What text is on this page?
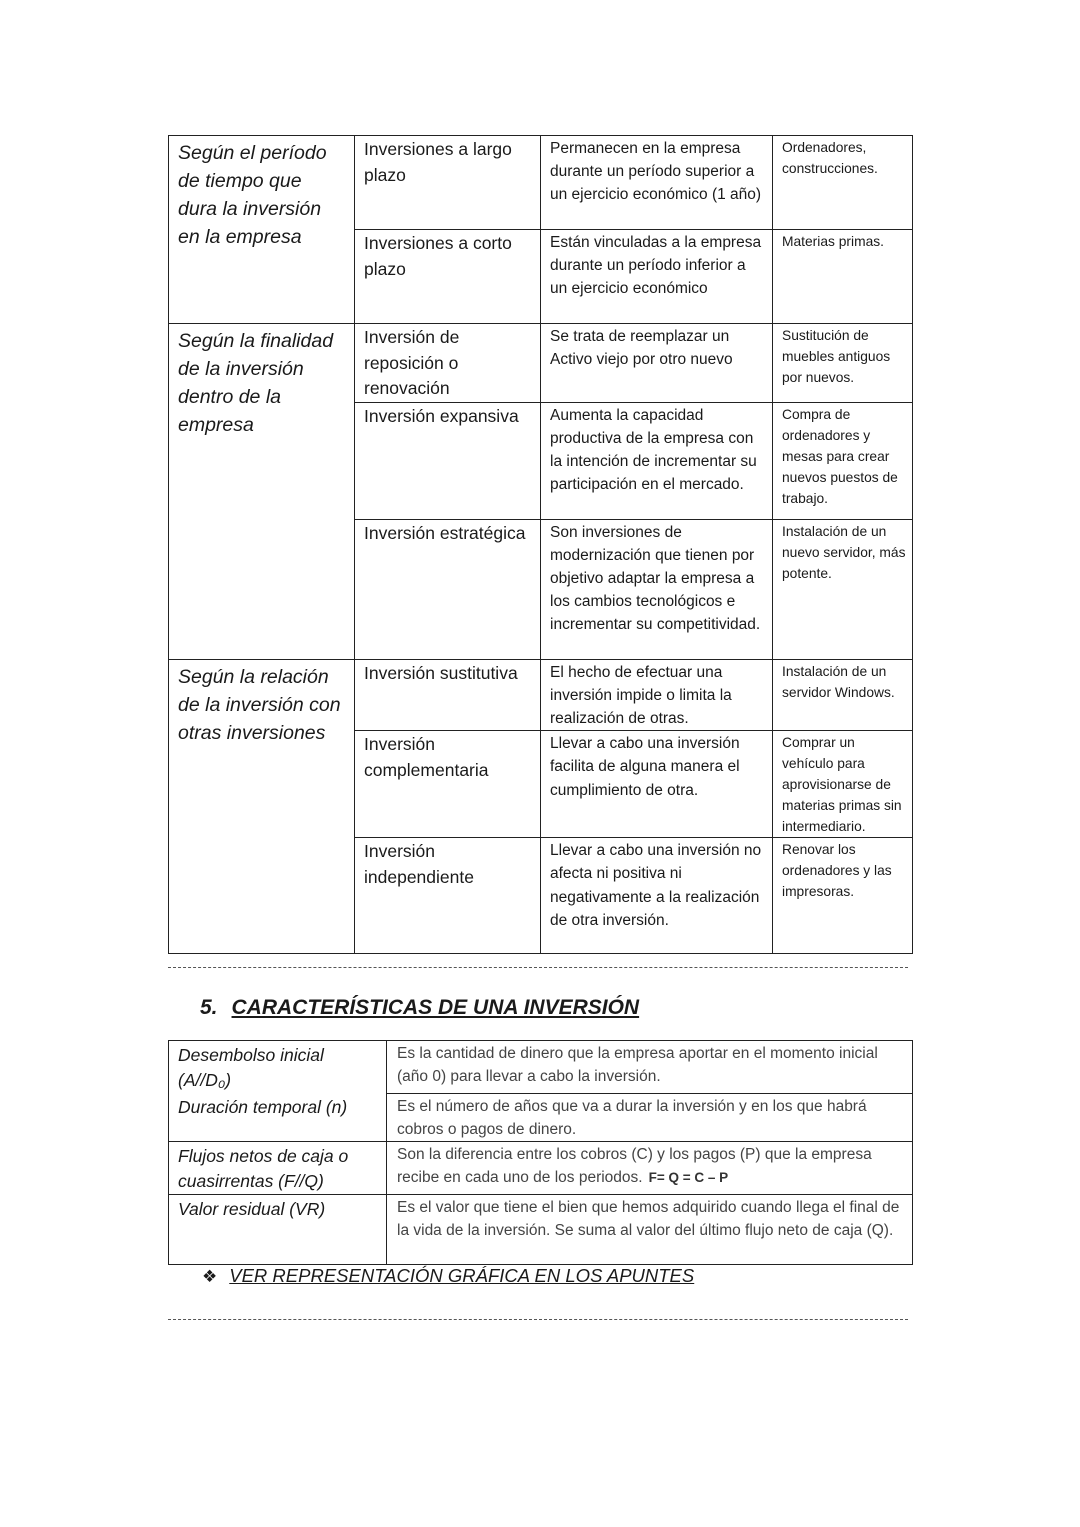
Según el período de tiempo que dura la inversión en la empresa	Inversiones a largo plazo	Permanecen en la empresa durante un período superior a un ejercicio económico (1 año)	Ordenadores, construcciones.
	Inversiones a corto plazo	Están vinculadas a la empresa durante un período inferior a un ejercicio económico	Materias primas.
Según la finalidad de la inversión dentro de la empresa	Inversión de reposición o renovación	Se trata de reemplazar un Activo viejo por otro nuevo	Sustitución de muebles antiguos por nuevos.
	Inversión expansiva	Aumenta la capacidad productiva de la empresa con la intención de incrementar su participación en el mercado.	Compra de ordenadores y mesas para crear nuevos puestos de trabajo.
	Inversión estratégica	Son inversiones de modernización que tienen por objetivo adaptar la empresa a los cambios tecnológicos e incrementar su competitividad.	Instalación de un nuevo servidor, más potente.
Según la relación de la inversión con otras inversiones	Inversión sustitutiva	El hecho de efectuar una inversión impide o limita la realización de otras.	Instalación de un servidor Windows.
	Inversión complementaria	Llevar a cabo una inversión facilita de alguna manera el cumplimiento de otra.	Comprar un vehículo para aprovisionarse de materias primas sin intermediario.
	Inversión independiente	Llevar a cabo una inversión no afecta ni positiva ni negativamente a la realización de otra inversión.	Renovar los ordenadores y las impresoras.
5. CARACTERÍSTICAS DE UNA INVERSIÓN
Desembolso inicial (A//D₀)	Es la cantidad de dinero que la empresa aportar en el momento inicial (año 0) para llevar a cabo la inversión.
Duración temporal (n)	Es el número de años que va a durar la inversión y en los que habrá cobros o pagos de dinero.
Flujos netos de caja o cuasirrentas (F//Q)	Son la diferencia entre los cobros (C) y los pagos (P) que la empresa recibe en cada uno de los periodos. F= Q = C – P
Valor residual (VR)	Es el valor que tiene el bien que hemos adquirido cuando llega el final de la vida de la inversión. Se suma al valor del último flujo neto de caja (Q).
❖ VER REPRESENTACIÓN GRÁFICA EN LOS APUNTES
